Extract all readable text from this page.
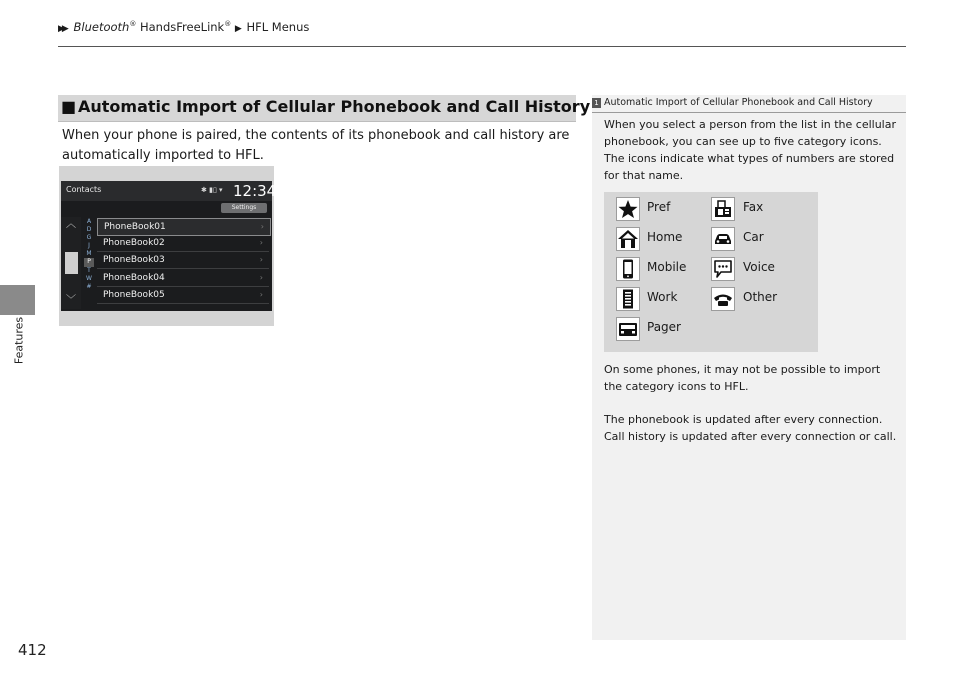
▶▶ Bluetooth® HandsFreeLink® ▶ HFL Menus
Features
412
■ Automatic Import of Cellular Phonebook and Call History
When your phone is paired, the contents of its phonebook and call history are automatically imported to HFL.
Contacts	✱ ▮▯ ▾ 12:34
Settings
︿
﹀
A
D
G
J
M
P
T
W
#
PhoneBook01	›
PhoneBook02	›
PhoneBook03	›
PhoneBook04	›
PhoneBook05	›
1 Automatic Import of Cellular Phonebook and Call History
When you select a person from the list in the cellular phonebook, you can see up to five category icons. The icons indicate what types of numbers are stored for that name.
Pref	Fax
Home	Car
Mobile	Voice
Work	Other
Pager
On some phones, it may not be possible to import the category icons to HFL.
The phonebook is updated after every connection. Call history is updated after every connection or call.
